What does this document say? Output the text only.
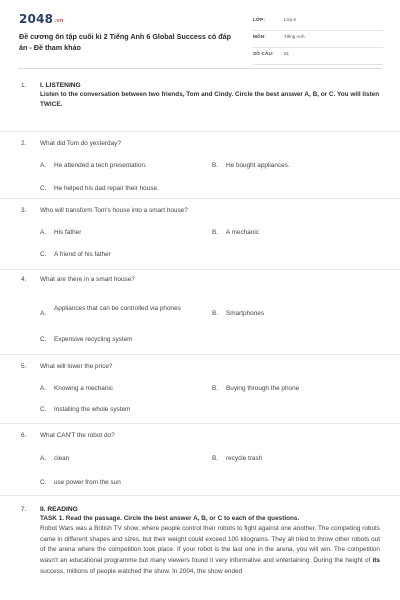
2048.vn
Đề cương ôn tập cuối kì 2 Tiếng Anh 6 Global Success có đáp án - Đề tham khảo
LỚP:	Lớp 6
MÔN:	Tiếng Anh
SỐ CÂU: 51
1. I. LISTENING
Listen to the conversation between two friends, Tom and Cindy. Circle the best answer A, B, or C. You will listen TWICE.
2. What did Tom do yesterday?
A. He attended a tech presentation.	B. He bought appliances.
C. He helped his dad repair their house.
3. Who will transform Tom's house into a smart house?
A. His father	B. A mechanic
C. A friend of his father
4. What are there in a smart house?
A.
Appliances that can be controlled via phones
B. Smartphones
C. Expensive recycling system
5. What will lower the price?
A. Knowing a mechanic	B. Buying through the phone
C. Installing the whole system
6. What CAN'T the robot do?
A. clean	B. recycle trash
C. use power from the sun
7. II. READING
TASK 1. Read the passage. Circle the best answer A, B, or C to each of the questions.
Robot Wars was a British TV show, where people control their robots to fight against one another. The competing robots came in different shapes and sizes, but their weight could exceed 100 kilograms. They all tried to throw other robots out of the arena where the competition took place. If your robot is the last one in the arena, you will win. The competition wasn't an educational programme but many viewers found it very informative and entertaining. During the height of its success, millions of people watched the show. In 2004, the show ended
